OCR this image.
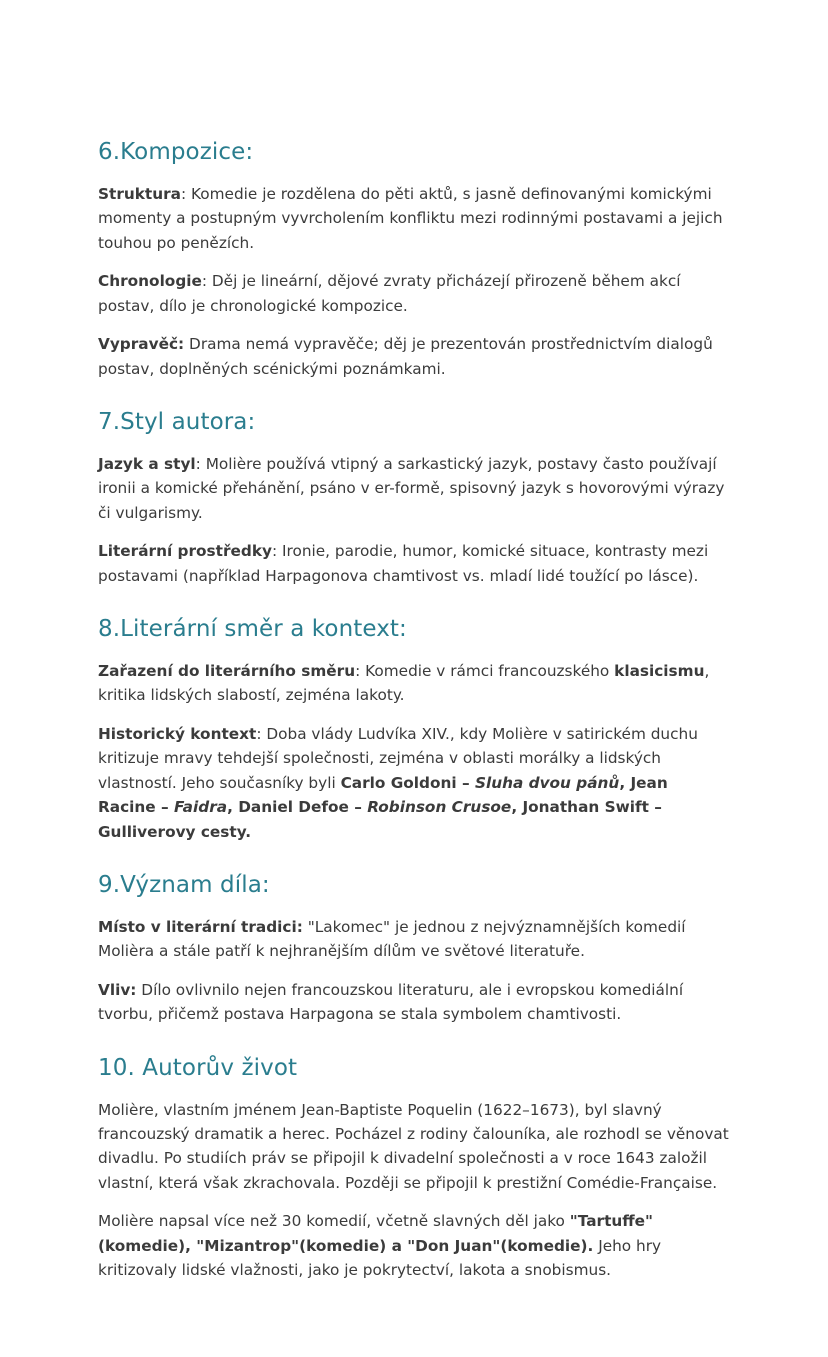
6.Kompozice:

Struktura: Komedie je rozdělena do pěti aktů, s jasně definovanými komickými momenty a postupným vyvrcholením konfliktu mezi rodinnými postavami a jejich touhou po penězích.

Chronologie: Děj je lineární, dějové zvraty přicházejí přirozeně během akcí postav, dílo je chronologické kompozice.

Vypravěč: Drama nemá vypravěče; děj je prezentován prostřednictvím dialogů postav, doplněných scénickými poznámkami.

7.Styl autora:

Jazyk a styl: Molière používá vtipný a sarkastický jazyk, postavy často používají ironii a komické přehánění, psáno v er-formě, spisovný jazyk s hovorovými výrazy či vulgarismy.

Literární prostředky: Ironie, parodie, humor, komické situace, kontrasty mezi postavami (například Harpagonova chamtivost vs. mladí lidé toužící po lásce).

8.Literární směr a kontext:

Zařazení do literárního směru: Komedie v rámci francouzského klasicismu, kritika lidských slabostí, zejména lakoty.

Historický kontext: Doba vlády Ludvíka XIV., kdy Molière v satirickém duchu kritizuje mravy tehdejší společnosti, zejména v oblasti morálky a lidských vlastností. Jeho současníky byli Carlo Goldoni – Sluha dvou pánů, Jean Racine – Faidra, Daniel Defoe – Robinson Crusoe, Jonathan Swift – Gulliverovy cesty.

9.Význam díla:

Místo v literární tradici: "Lakomec" je jednou z nejvýznamnějších komedií Molièra a stále patří k nejhranějším dílům ve světové literatuře.

Vliv: Dílo ovlivnilo nejen francouzskou literaturu, ale i evropskou komediální tvorbu, přičemž postava Harpagona se stala symbolem chamtivosti.

10. Autorův život

Molière, vlastním jménem Jean-Baptiste Poquelin (1622–1673), byl slavný francouzský dramatik a herec. Pocházel z rodiny čalouníka, ale rozhodl se věnovat divadlu. Po studiích práv se připojil k divadelní společnosti a v roce 1643 založil vlastní, která však zkrachovala. Později se připojil k prestižní Comédie-Française.

Molière napsal více než 30 komedií, včetně slavných děl jako "Tartuffe"(komedie), "Mizantrop"(komedie) a "Don Juan"(komedie). Jeho hry kritizovaly lidské vlažnosti, jako je pokrytectví, lakota a snobismus.
